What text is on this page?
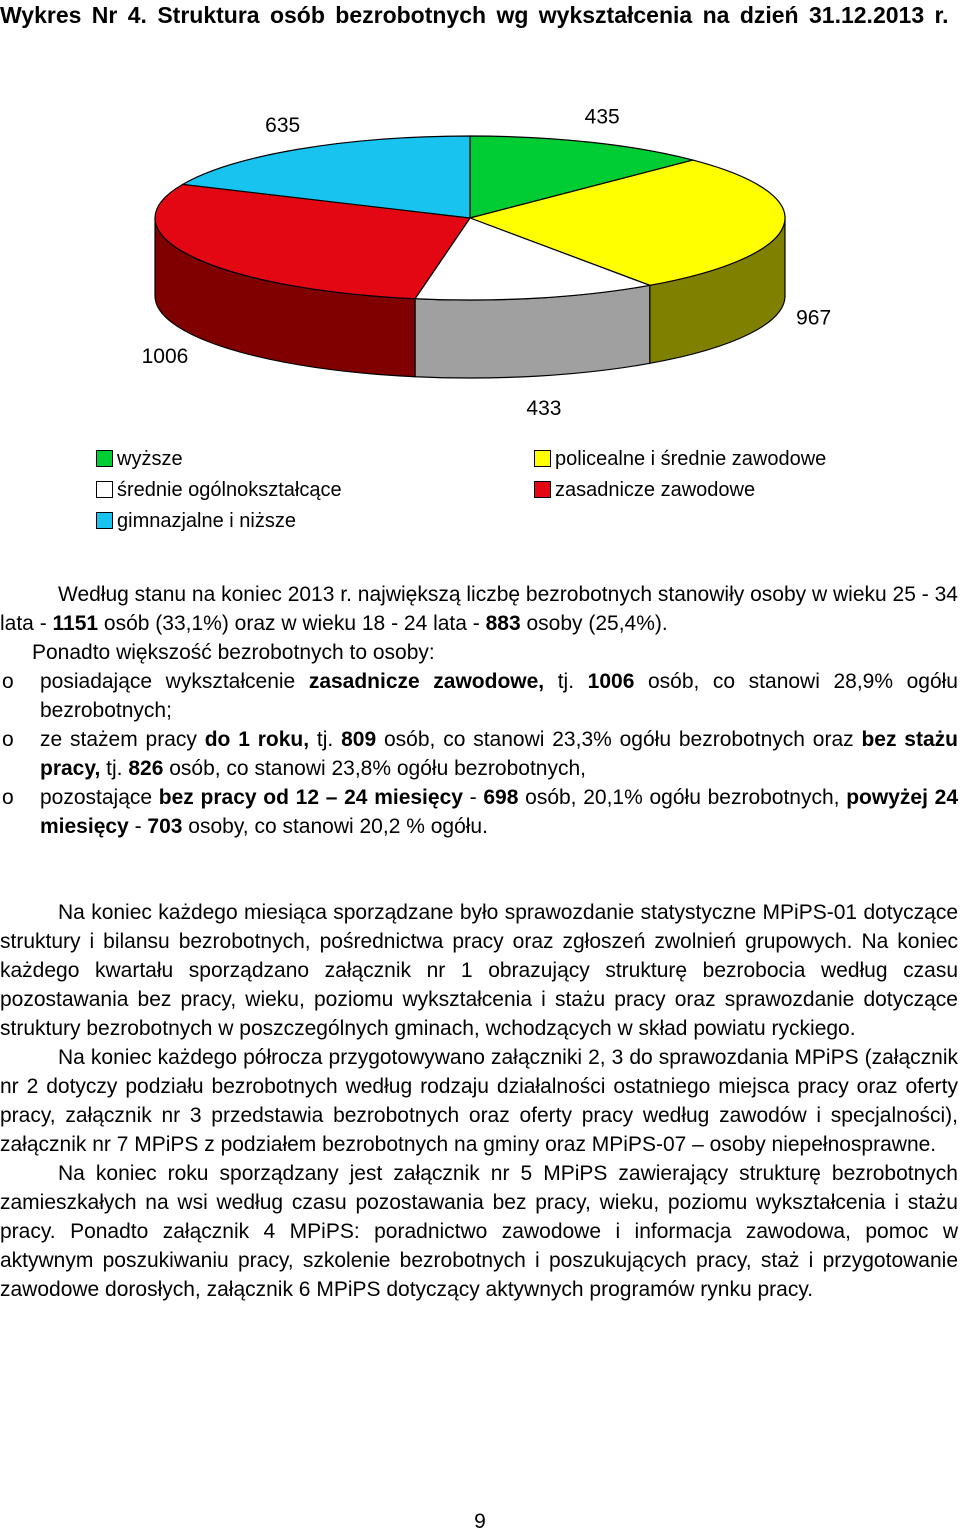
Wykres Nr 4. Struktura osób bezrobotnych wg wykształcenia na dzień 31.12.2013 r.
435
967
433
1006
635
wyższe
średnie ogólnokształcące
gimnazjalne i niższe
policealne i średnie zawodowe
zasadnicze zawodowe

Według stanu na koniec 2013 r. największą liczbę bezrobotnych stanowiły osoby w wieku 25 - 34 lata - 1151 osób (33,1%) oraz w wieku 18 - 24 lata - 883 osoby (25,4%).

Ponadto większość bezrobotnych to osoby:

o posiadające wykształcenie zasadnicze zawodowe, tj. 1006 osób, co stanowi 28,9% ogółu bezrobotnych;

o ze stażem pracy do 1 roku, tj. 809 osób, co stanowi 23,3% ogółu bezrobotnych oraz bez stażu pracy, tj. 826 osób, co stanowi 23,8% ogółu bezrobotnych,

o pozostające bez pracy od 12 – 24 miesięcy - 698 osób, 20,1% ogółu bezrobotnych, powyżej 24 miesięcy - 703 osoby, co stanowi 20,2 % ogółu.

Na koniec każdego miesiąca sporządzane było sprawozdanie statystyczne MPiPS-01 dotyczące struktury i bilansu bezrobotnych, pośrednictwa pracy oraz zgłoszeń zwolnień grupowych. Na koniec każdego kwartału sporządzano załącznik nr 1 obrazujący strukturę bezrobocia według czasu pozostawania bez pracy, wieku, poziomu wykształcenia i stażu pracy oraz sprawozdanie dotyczące struktury bezrobotnych w poszczególnych gminach, wchodzących w skład powiatu ryckiego.

Na koniec każdego półrocza przygotowywano załączniki 2, 3 do sprawozdania MPiPS (załącznik nr 2 dotyczy podziału bezrobotnych według rodzaju działalności ostatniego miejsca pracy oraz oferty pracy, załącznik nr 3 przedstawia bezrobotnych oraz oferty pracy według zawodów i specjalności), załącznik nr 7 MPiPS z podziałem bezrobotnych na gminy oraz MPiPS-07 – osoby niepełnosprawne.

Na koniec roku sporządzany jest załącznik nr 5 MPiPS zawierający strukturę bezrobotnych zamieszkałych na wsi według czasu pozostawania bez pracy, wieku, poziomu wykształcenia i stażu pracy. Ponadto załącznik 4 MPiPS: poradnictwo zawodowe i informacja zawodowa, pomoc w aktywnym poszukiwaniu pracy, szkolenie bezrobotnych i poszukujących pracy, staż i przygotowanie zawodowe dorosłych, załącznik 6 MPiPS dotyczący aktywnych programów rynku pracy.

9
